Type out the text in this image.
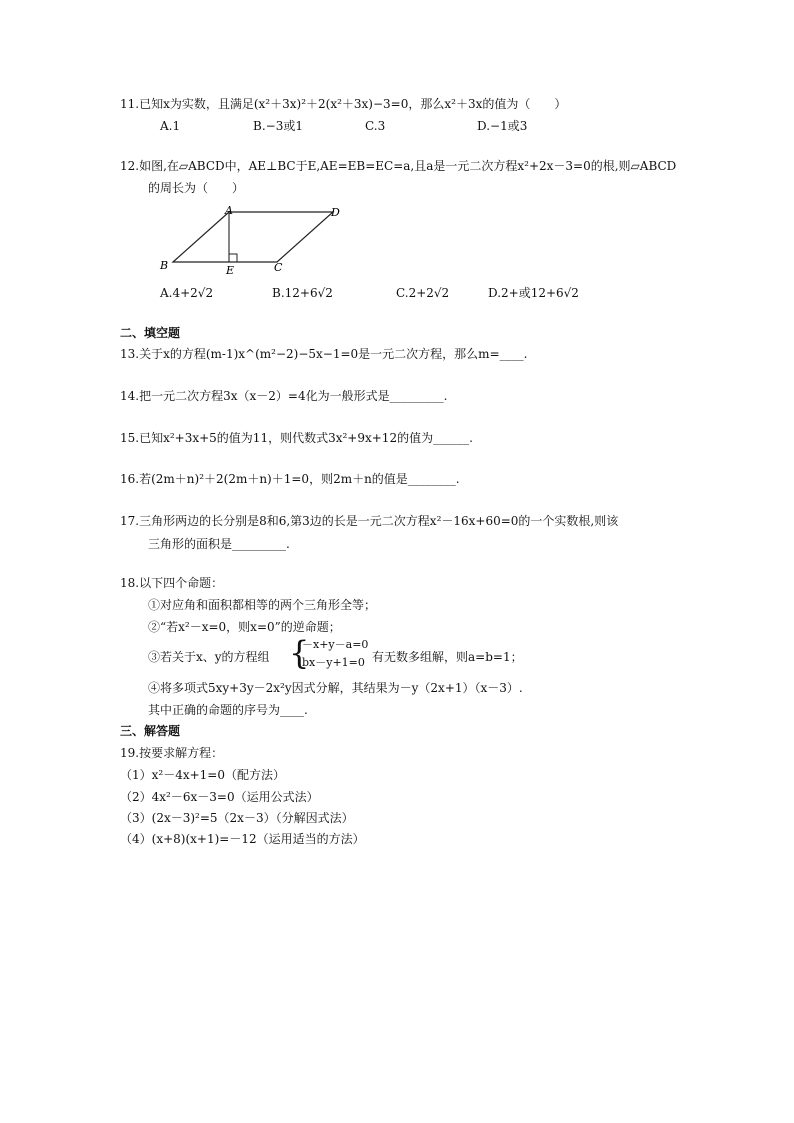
11.已知x为实数，且满足(x²＋3x)²＋2(x²＋3x)−3=0，那么x²＋3x的值为（　　）
A.1	B.−3或1	C.3	D.−1或3
12.如图,在▱ABCD中，AE⊥BC于E,AE=EB=EC=a,且a是一元二次方程x²+2x－3=0的根,则▱ABCD
的周长为（　　）
A	D
B	E	C
A.4+2√2	B.12+6√2	C.2+2√2	D.2+或12+6√2
二、填空题
13.关于x的方程(m-1)x^(m²−2)−5x−1=0是一元二次方程，那么m=____.
14.把一元二次方程3x（x－2）=4化为一般形式是_________.
15.已知x²+3x+5的值为11，则代数式3x²+9x+12的值为______.
16.若(2m＋n)²＋2(2m＋n)＋1=0，则2m＋n的值是________.
17.三角形两边的长分别是8和6,第3边的长是一元二次方程x²－16x+60=0的一个实数根,则该
三角形的面积是_________.
18.以下四个命题：
①对应角和面积都相等的两个三角形全等；
②“若x²－x=0，则x=0”的逆命题；
③若关于x、y的方程组 {
－x+y－a=0
bx－y+1=0 有无数多组解，则a=b=1；
④将多项式5xy+3y－2x²y因式分解，其结果为－y（2x+1）（x－3）.
其中正确的命题的序号为____.
三、解答题
19.按要求解方程：
（1）x²－4x+1=0（配方法）
（2）4x²－6x－3=0（运用公式法）
（3）(2x－3)²=5（2x－3）（分解因式法）
（4）(x+8)(x+1)=－12（运用适当的方法）
